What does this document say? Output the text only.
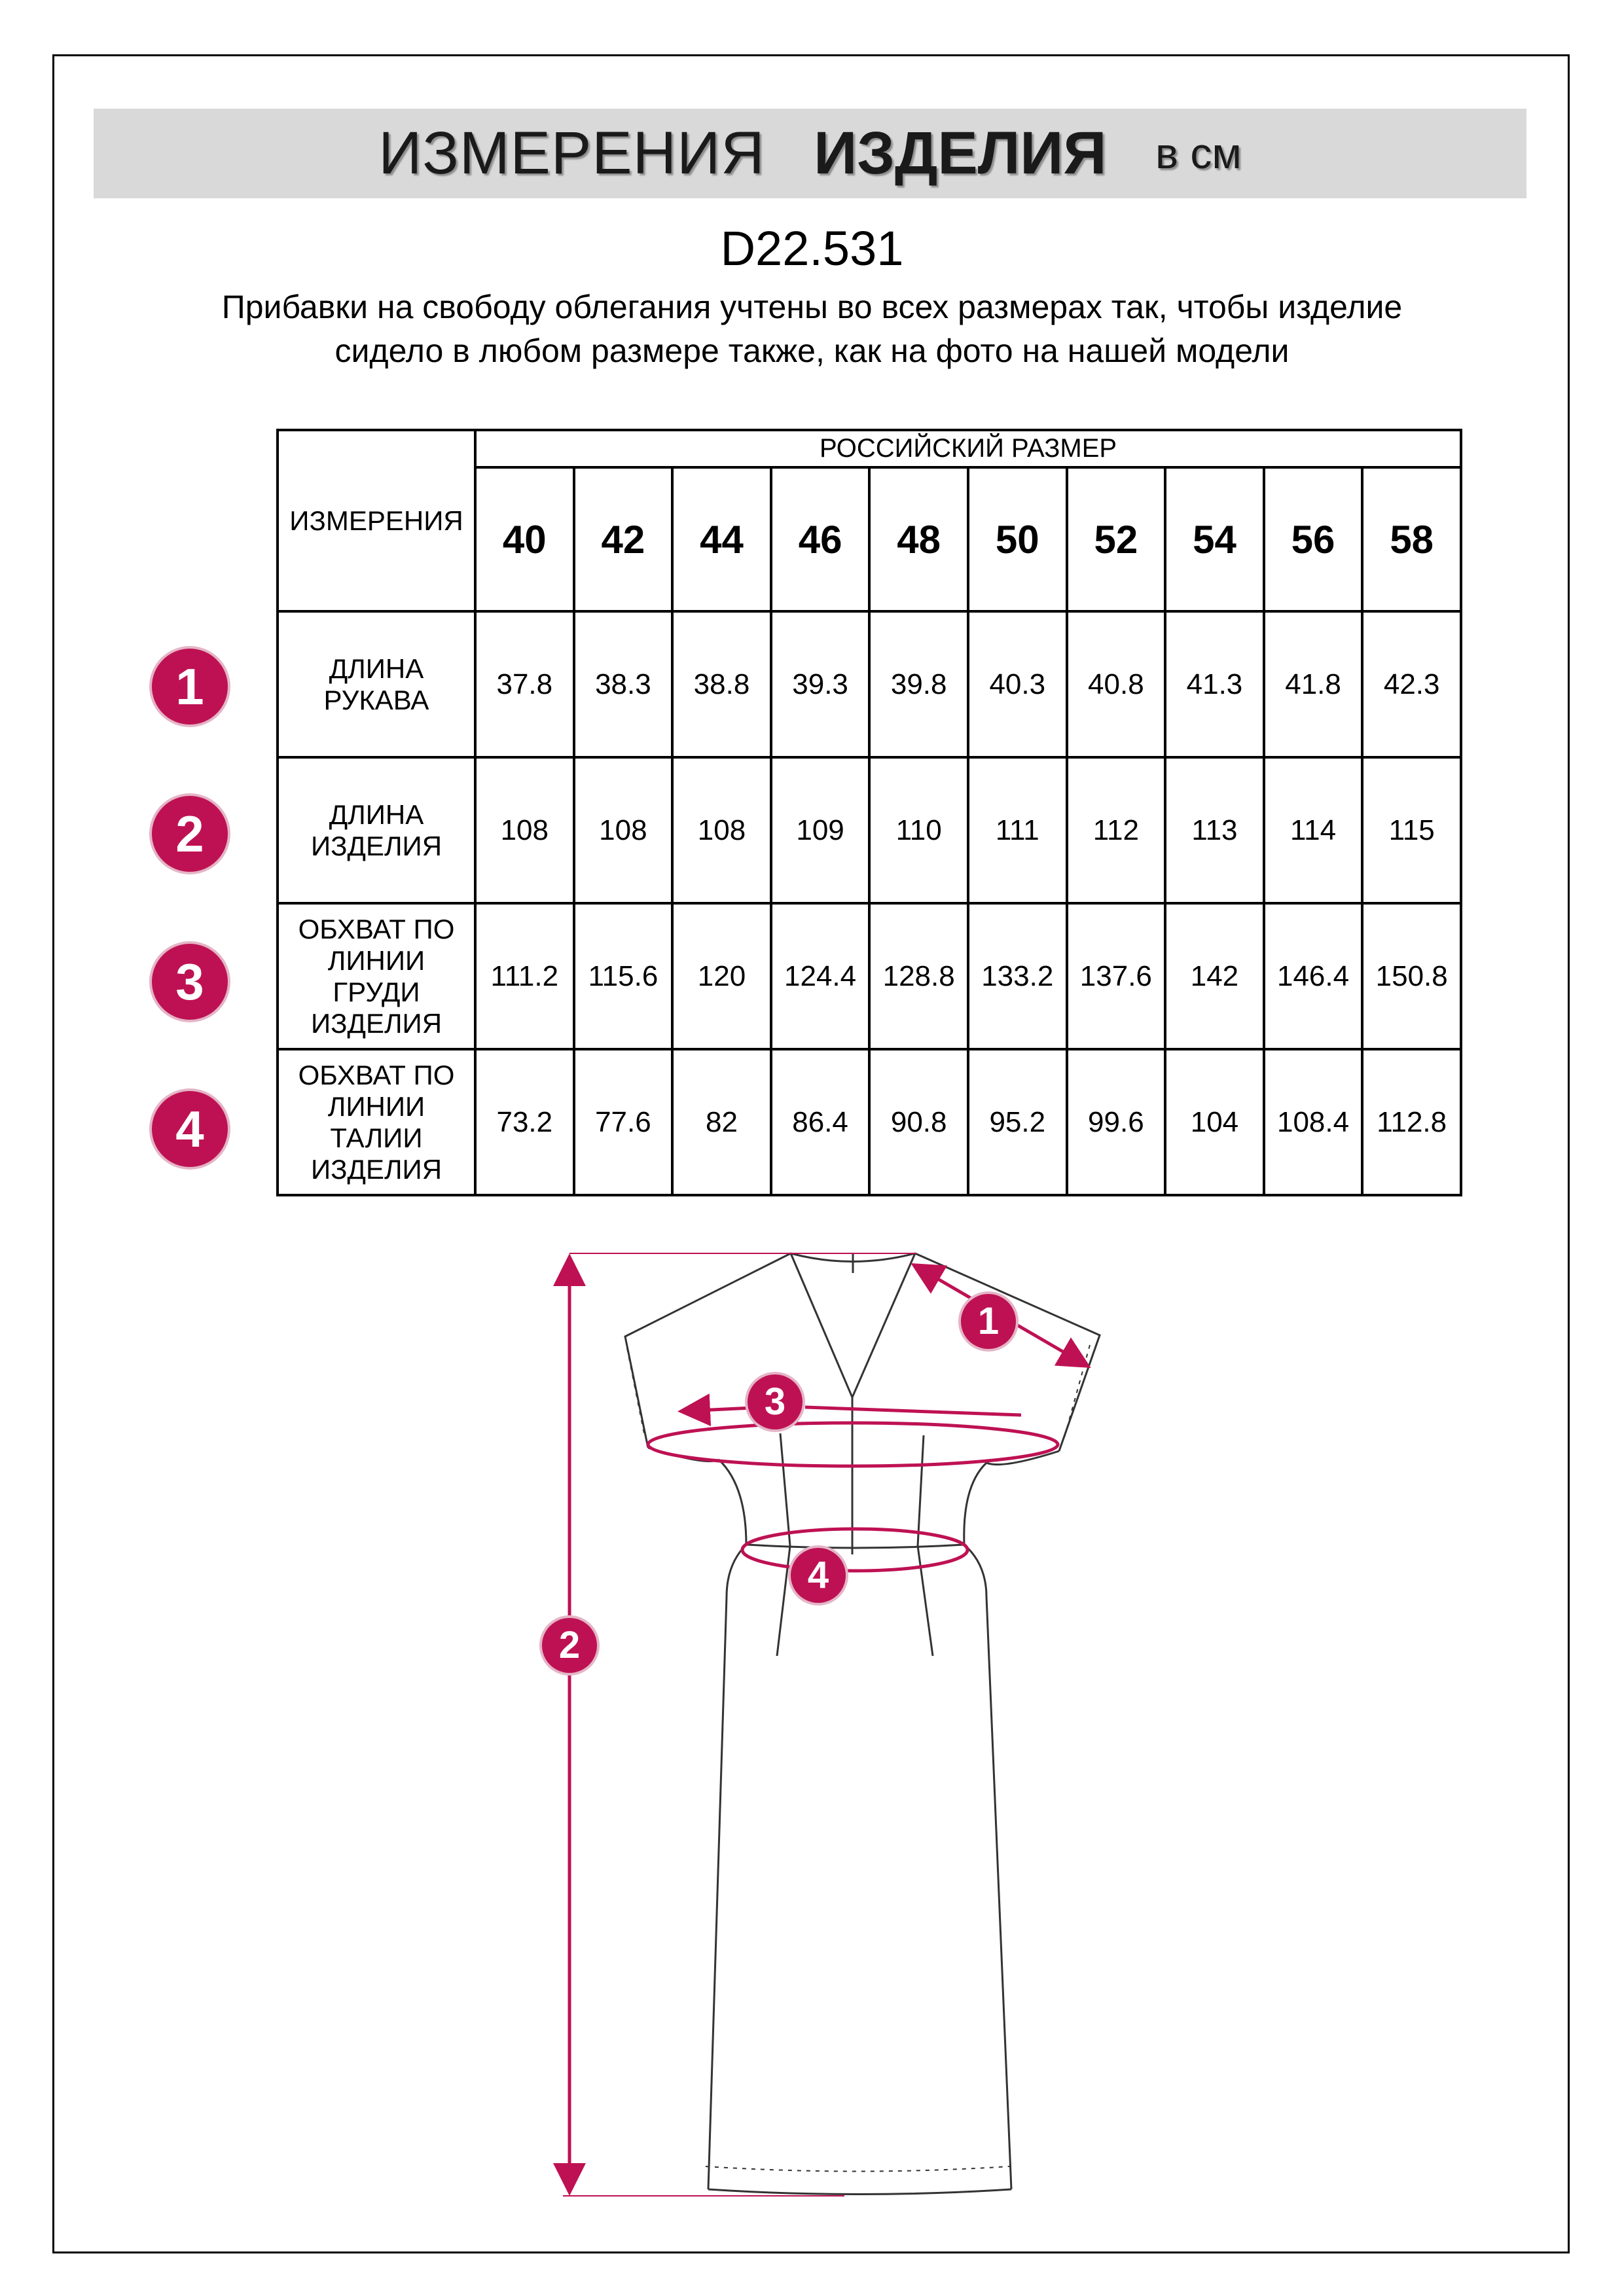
ИЗМЕРЕНИЯ ИЗДЕЛИЯ в см
D22.531
Прибавки на свободу облегания учтены во всех размерах так, чтобы изделие сидело в любом размере также, как на фото на нашей модели
ИЗМЕРЕНИЯ	РОССИЙСКИЙ РАЗМЕР									
	40	42	44	46	48	50	52	54	56	58

ДЛИНА
РУКАВА	37.8	38.3	38.8	39.3	39.8	40.3	40.8	41.3	41.8	42.3

ДЛИНА
ИЗДЕЛИЯ	108	108	108	109	110	111	112	113	114	115

ОБХВАТ ПО
ЛИНИИ
ГРУДИ
ИЗДЕЛИЯ	111.2	115.6	120	124.4	128.8	133.2	137.6	142	146.4	150.8

ОБХВАТ ПО
ЛИНИИ
ТАЛИИ
ИЗДЕЛИЯ	73.2	77.6	82	86.4	90.8	95.2	99.6	104	108.4	112.8
1
2
3
4
1
2
3
4
